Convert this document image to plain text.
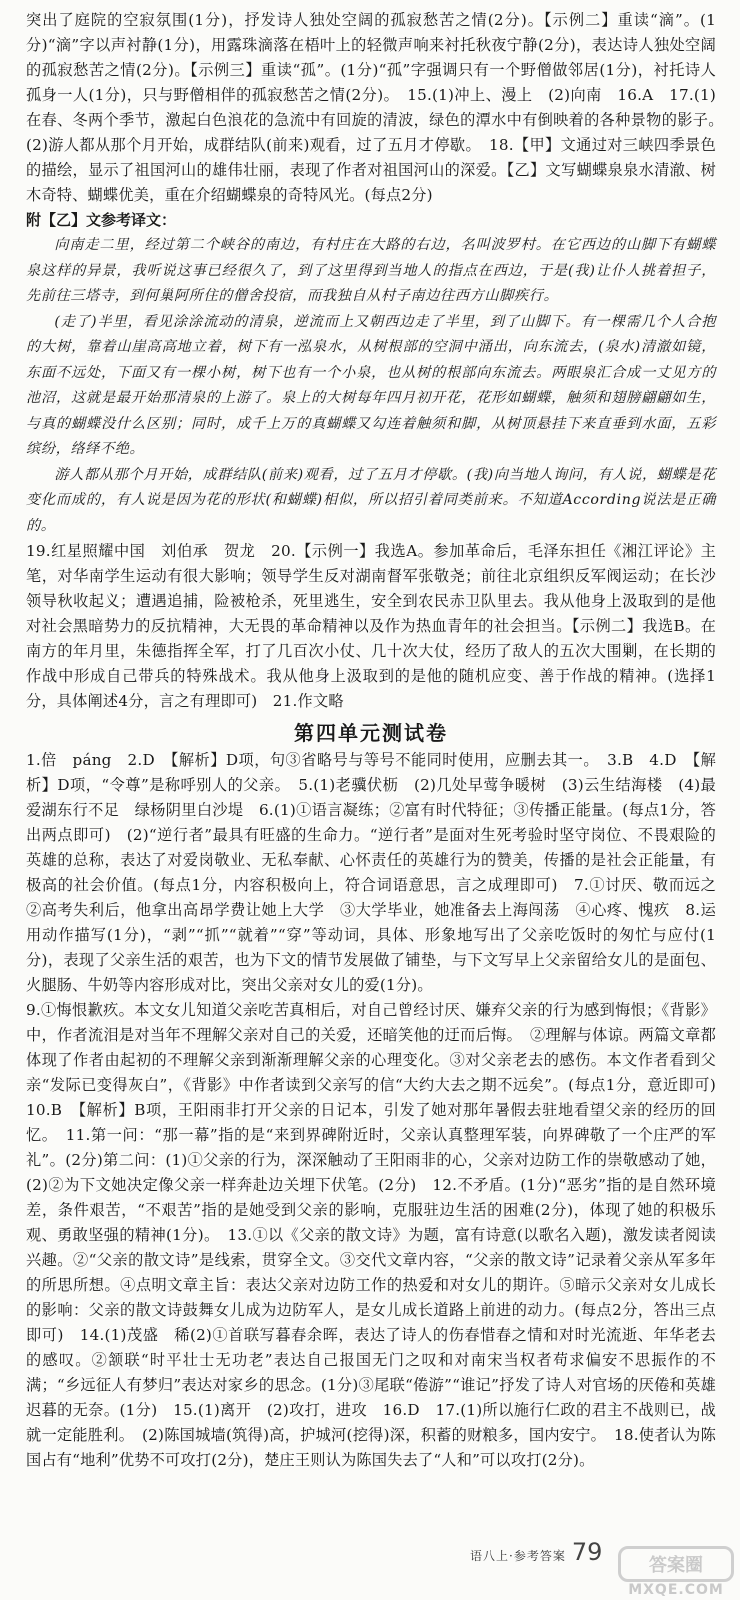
突出了庭院的空寂氛围(1分)，抒发诗人独处空阔的孤寂愁苦之情(2分)。【示例二】重读“滴”。(1分)“滴”字以声衬静(1分)，用露珠滴落在梧叶上的轻微声响来衬托秋夜宁静(2分)，表达诗人独处空阔的孤寂愁苦之情(2分)。【示例三】重读“孤”。(1分)“孤”字强调只有一个野僧做邻居(1分)，衬托诗人孤身一人(1分)，只与野僧相伴的孤寂愁苦之情(2分)。　15.(1)冲上、漫上　(2)向南　16.A　17.(1)在春、冬两个季节，激起白色浪花的急流中有回旋的清波，绿色的潭水中有倒映着的各种景物的影子。　(2)游人都从那个月开始，成群结队(前来)观看，过了五月才停歇。　18.【甲】文通过对三峡四季景色的描绘，显示了祖国河山的雄伟壮丽，表现了作者对祖国河山的深爱。【乙】文写蝴蝶泉泉水清澈、树木奇特、蝴蝶优美，重在介绍蝴蝶泉的奇特风光。(每点2分)

附【乙】文参考译文：

向南走二里，经过第二个峡谷的南边，有村庄在大路的右边，名叫波罗村。在它西边的山脚下有蝴蝶泉这样的异景，我听说这事已经很久了，到了这里得到当地人的指点在西边，于是(我)让仆人挑着担子，先前往三塔寺，到何巢阿所住的僧舍投宿，而我独自从村子南边往西方山脚疾行。

(走了)半里，看见涂涂流动的清泉，逆流而上又朝西边走了半里，到了山脚下。有一棵需几个人合抱的大树，靠着山崖高高地立着，树下有一泓泉水，从树根部的空洞中涌出，向东流去，(泉水)清澈如镜，东面不远处，下面又有一棵小树，树下也有一个小泉，也从树的根部向东流去。两眼泉汇合成一丈见方的池沼，这就是最开始那清泉的上游了。泉上的大树每年四月初开花，花形如蝴蝶，触须和翅膀翩翩如生，与真的蝴蝶没什么区别；同时，成千上万的真蝴蝶又勾连着触须和脚，从树顶悬挂下来直垂到水面，五彩缤纷，络绎不绝。

游人都从那个月开始，成群结队(前来)观看，过了五月才停歇。(我)向当地人询问，有人说，蝴蝶是花变化而成的，有人说是因为花的形状(和蝴蝶)相似，所以招引着同类前来。不知道According说法是正确的。

19.红星照耀中国　刘伯承　贺龙　20.【示例一】我选A。参加革命后，毛泽东担任《湘江评论》主笔，对华南学生运动有很大影响；领导学生反对湖南督军张敬尧；前往北京组织反军阀运动；在长沙领导秋收起义；遭遇追捕，险被枪杀，死里逃生，安全到农民赤卫队里去。我从他身上汲取到的是他对社会黑暗势力的反抗精神，大无畏的革命精神以及作为热血青年的社会担当。【示例二】我选B。在南方的年月里，朱德指挥全军，打了几百次小仗、几十次大仗，经历了敌人的五次大围剿，在长期的作战中形成自己带兵的特殊战术。我从他身上汲取到的是他的随机应变、善于作战的精神。(选择1分，具体阐述4分，言之有理即可)　21.作文略

第四单元测试卷

1.倍　páng　2.D　【解析】D项，句③省略号与等号不能同时使用，应删去其一。　3.B　4.D　【解析】D项，“令尊”是称呼别人的父亲。　5.(1)老骥伏枥　(2)几处早莺争暖树　(3)云生结海楼　(4)最爱湖东行不足　绿杨阴里白沙堤　6.(1)①语言凝练；②富有时代特征；③传播正能量。(每点1分，答出两点即可)　(2)“逆行者”最具有旺盛的生命力。“逆行者”是面对生死考验时坚守岗位、不畏艰险的英雄的总称，表达了对爱岗敬业、无私奉献、心怀责任的英雄行为的赞美，传播的是社会正能量，有极高的社会价值。(每点1分，内容积极向上，符合词语意思，言之成理即可)　7.①讨厌、敬而远之　②高考失利后，他拿出高昂学费让她上大学　③大学毕业，她准备去上海闯荡　④心疼、愧疚　8.运用动作描写(1分)，“剥”“抓”“就着”“穿”等动词，具体、形象地写出了父亲吃饭时的匆忙与应付(1分)，表现了父亲生活的艰苦，也为下文的情节发展做了铺垫，与下文写早上父亲留给女儿的是面包、火腿肠、牛奶等内容形成对比，突出父亲对女儿的爱(1分)。

9.①悔恨歉疚。本文女儿知道父亲吃苦真相后，对自己曾经讨厌、嫌弃父亲的行为感到悔恨；《背影》中，作者流泪是对当年不理解父亲对自己的关爱，还暗笑他的迂而后悔。　②理解与体谅。两篇文章都体现了作者由起初的不理解父亲到渐渐理解父亲的心理变化。③对父亲老去的感伤。本文作者看到父亲“发际已变得灰白”，《背影》中作者读到父亲写的信“大约大去之期不远矣”。(每点1分，意近即可)　10.B　【解析】B项，王阳雨非打开父亲的日记本，引发了她对那年暑假去驻地看望父亲的经历的回忆。　11.第一问：“那一幕”指的是“来到界碑附近时，父亲认真整理军装，向界碑敬了一个庄严的军礼”。(2分)第二问：(1)①父亲的行为，深深触动了王阳雨非的心，父亲对边防工作的崇敬感动了她，(2)②为下文她决定像父亲一样奔赴边关埋下伏笔。(2分)　12.不矛盾。(1分)“恶劣”指的是自然环境差，条件艰苦，“不艰苦”指的是她受到父亲的影响，克服驻边生活的困难(2分)，体现了她的积极乐观、勇敢坚强的精神(1分)。　13.①以《父亲的散文诗》为题，富有诗意(以歌名入题)，激发读者阅读兴趣。②“父亲的散文诗”是线索，贯穿全文。③交代文章内容，“父亲的散文诗”记录着父亲从军多年的所思所想。④点明文章主旨：表达父亲对边防工作的热爱和对女儿的期许。⑤暗示父亲对女儿成长的影响：父亲的散文诗鼓舞女儿成为边防军人，是女儿成长道路上前进的动力。(每点2分，答出三点即可)　14.(1)茂盛　稀(2)①首联写暮春余晖，表达了诗人的伤春惜春之情和对时光流逝、年华老去的感叹。②颔联“时平壮士无功老”表达自己报国无门之叹和对南宋当权者苟求偏安不思振作的不满；“乡远征人有梦归”表达对家乡的思念。(1分)③尾联“倦游”“谁记”抒发了诗人对官场的厌倦和英雄迟暮的无奈。(1分)　15.(1)离开　(2)攻打，进攻　16.D　17.(1)所以施行仁政的君主不战则已，战就一定能胜利。　(2)陈国城墙(筑得)高，护城河(挖得)深，积蓄的财粮多，国内安宁。　18.使者认为陈国占有“地利”优势不可攻打(2分)，楚庄王则认为陈国失去了“人和”可以攻打(2分)。

语八上·参考答案 79	答案圈
MXQE.COM
